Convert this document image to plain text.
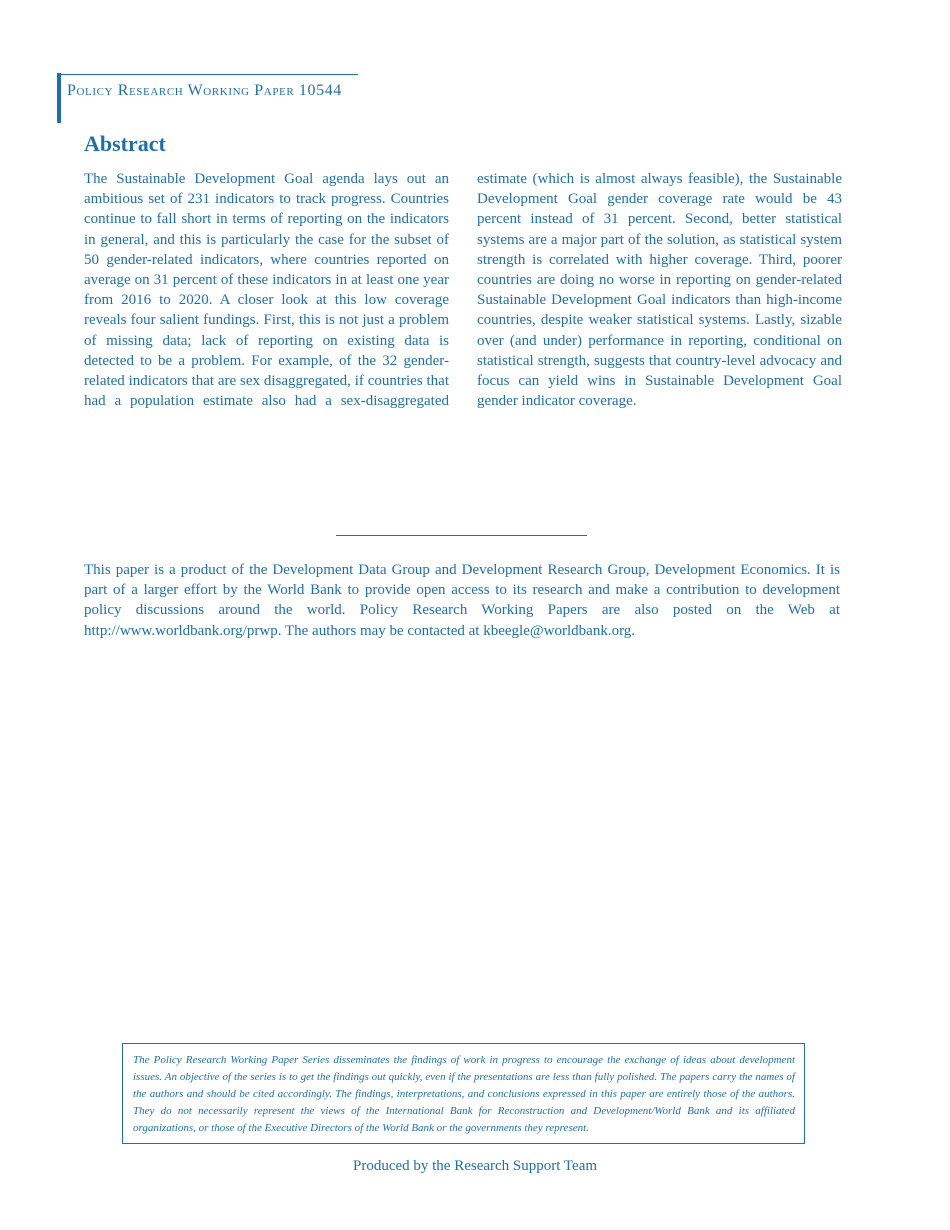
Policy Research Working Paper 10544
Abstract

The Sustainable Development Goal agenda lays out an ambitious set of 231 indicators to track progress. Countries continue to fall short in terms of reporting on the indicators in general, and this is particularly the case for the subset of 50 gender-related indicators, where countries reported on average on 31 percent of these indicators in at least one year from 2016 to 2020. A closer look at this low coverage reveals four salient fundings. First, this is not just a problem of missing data; lack of reporting on existing data is detected to be a problem. For example, of the 32 gender-related indicators that are sex disaggregated, if countries that had a population estimate also had a sex-disaggregated estimate (which is almost always feasible), the Sustainable Development Goal gender coverage rate would be 43 percent instead of 31 percent. Second, better statistical systems are a major part of the solution, as statistical system strength is correlated with higher coverage. Third, poorer countries are doing no worse in reporting on gender-related Sustainable Development Goal indicators than high-income countries, despite weaker statistical systems. Lastly, sizable over (and under) performance in reporting, conditional on statistical strength, suggests that country-level advocacy and focus can yield wins in Sustainable Development Goal gender indicator coverage.

This paper is a product of the Development Data Group and Development Research Group, Development Economics. It is part of a larger effort by the World Bank to provide open access to its research and make a contribution to development policy discussions around the world. Policy Research Working Papers are also posted on the Web at http://www.worldbank.org/prwp. The authors may be contacted at kbeegle@worldbank.org.

The Policy Research Working Paper Series disseminates the findings of work in progress to encourage the exchange of ideas about development issues. An objective of the series is to get the findings out quickly, even if the presentations are less than fully polished. The papers carry the names of the authors and should be cited accordingly. The findings, interpretations, and conclusions expressed in this paper are entirely those of the authors. They do not necessarily represent the views of the International Bank for Reconstruction and Development/World Bank and its affiliated organizations, or those of the Executive Directors of the World Bank or the governments they represent.

Produced by the Research Support Team
